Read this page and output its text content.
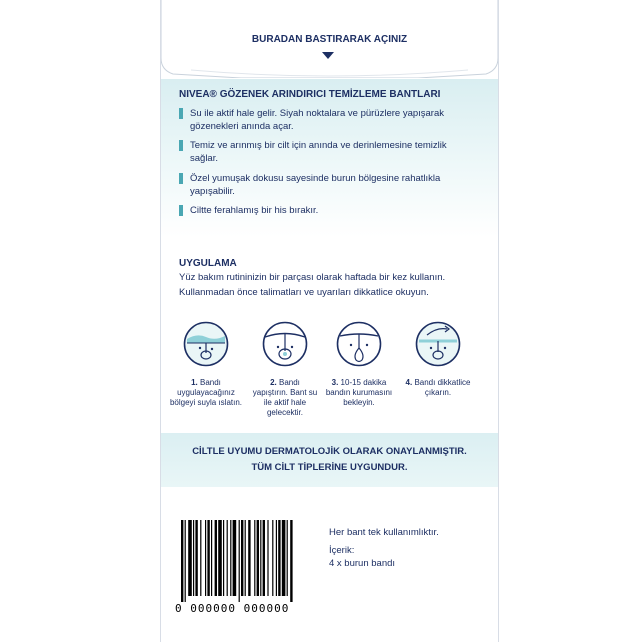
BURADAN BASTIRARAK AÇINIZ
NIVEA® GÖZENEK ARINDIRICI TEMİZLEME BANTLARI
Su ile aktif hale gelir. Siyah noktalara ve pürüzlere yapışarak
gözenekleri anında açar.
Temiz ve arınmış bir cilt için anında ve derinlemesine temizlik
sağlar.
Özel yumuşak dokusu sayesinde burun bölgesine rahatlıkla
yapışabilir.
Ciltte ferahlamış bir his bırakır.
UYGULAMA
Yüz bakım rutininizin bir parçası olarak haftada bir kez kullanın.
Kullanmadan önce talimatları ve uyarıları dikkatlice okuyun.
1. Bandı
uygulayacağınız
bölgeyi suyla ıslatın.
2. Bandı
yapıştırın. Bant su
ile aktif hale
gelecektir.
3. 10-15 dakika
bandın kurumasını
bekleyin.
4. Bandı dikkatlice
çıkarın.
CİLTLE UYUMU DERMATOLOJİK OLARAK ONAYLANMIŞTIR.
TÜM CİLT TİPLERİNE UYGUNDUR.
Her bant tek kullanımlıktır.
İçerik:
4 x burun bandı
0 000000 000000
